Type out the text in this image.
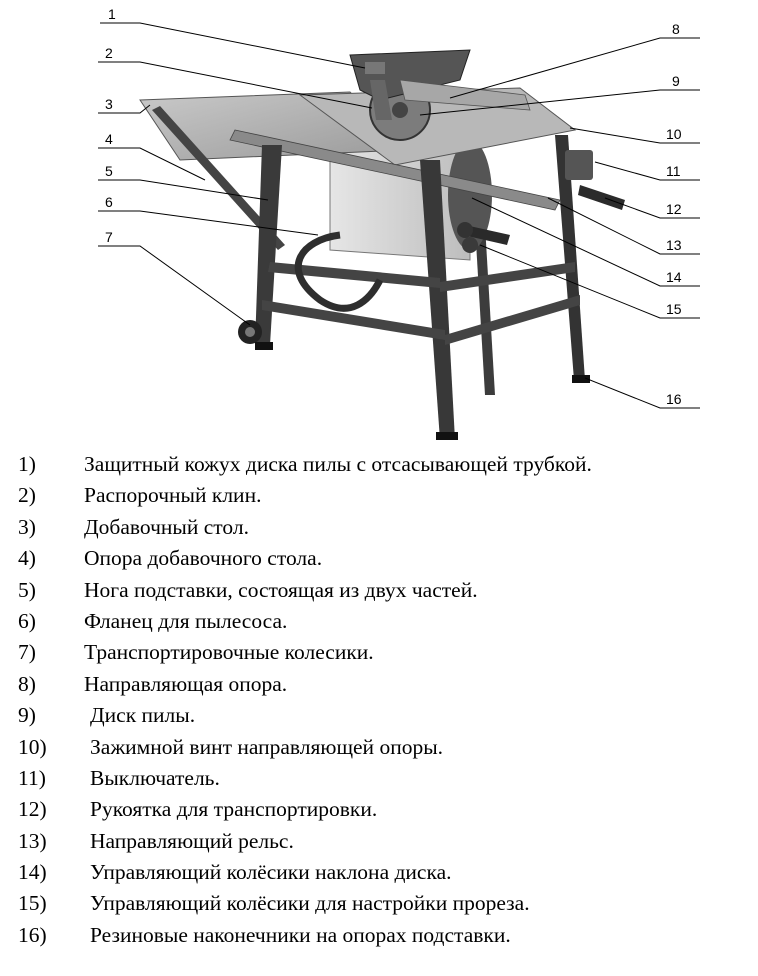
1
2
3
4
5
6
7
8
9
10
11
12
13
14
15
16
1) Защитный кожух диска пилы с отсасывающей трубкой.
2) Распорочный клин.
3) Добавочный стол.
4) Опора добавочного стола.
5) Нога подставки, состоящая из двух частей.
6) Фланец для пылесоса.
7) Транспортировочные колесики.
8) Направляющая опора.
9)	Диск пилы.
10) Зажимной винт направляющей опоры.
11) Выключатель.
12) Рукоятка для транспортировки.
13) Направляющий рельс.
14) Управляющий колёсики наклона диска.
15) Управляющий колёсики для настройки прореза.
16) Резиновые наконечники на опорах подставки.
